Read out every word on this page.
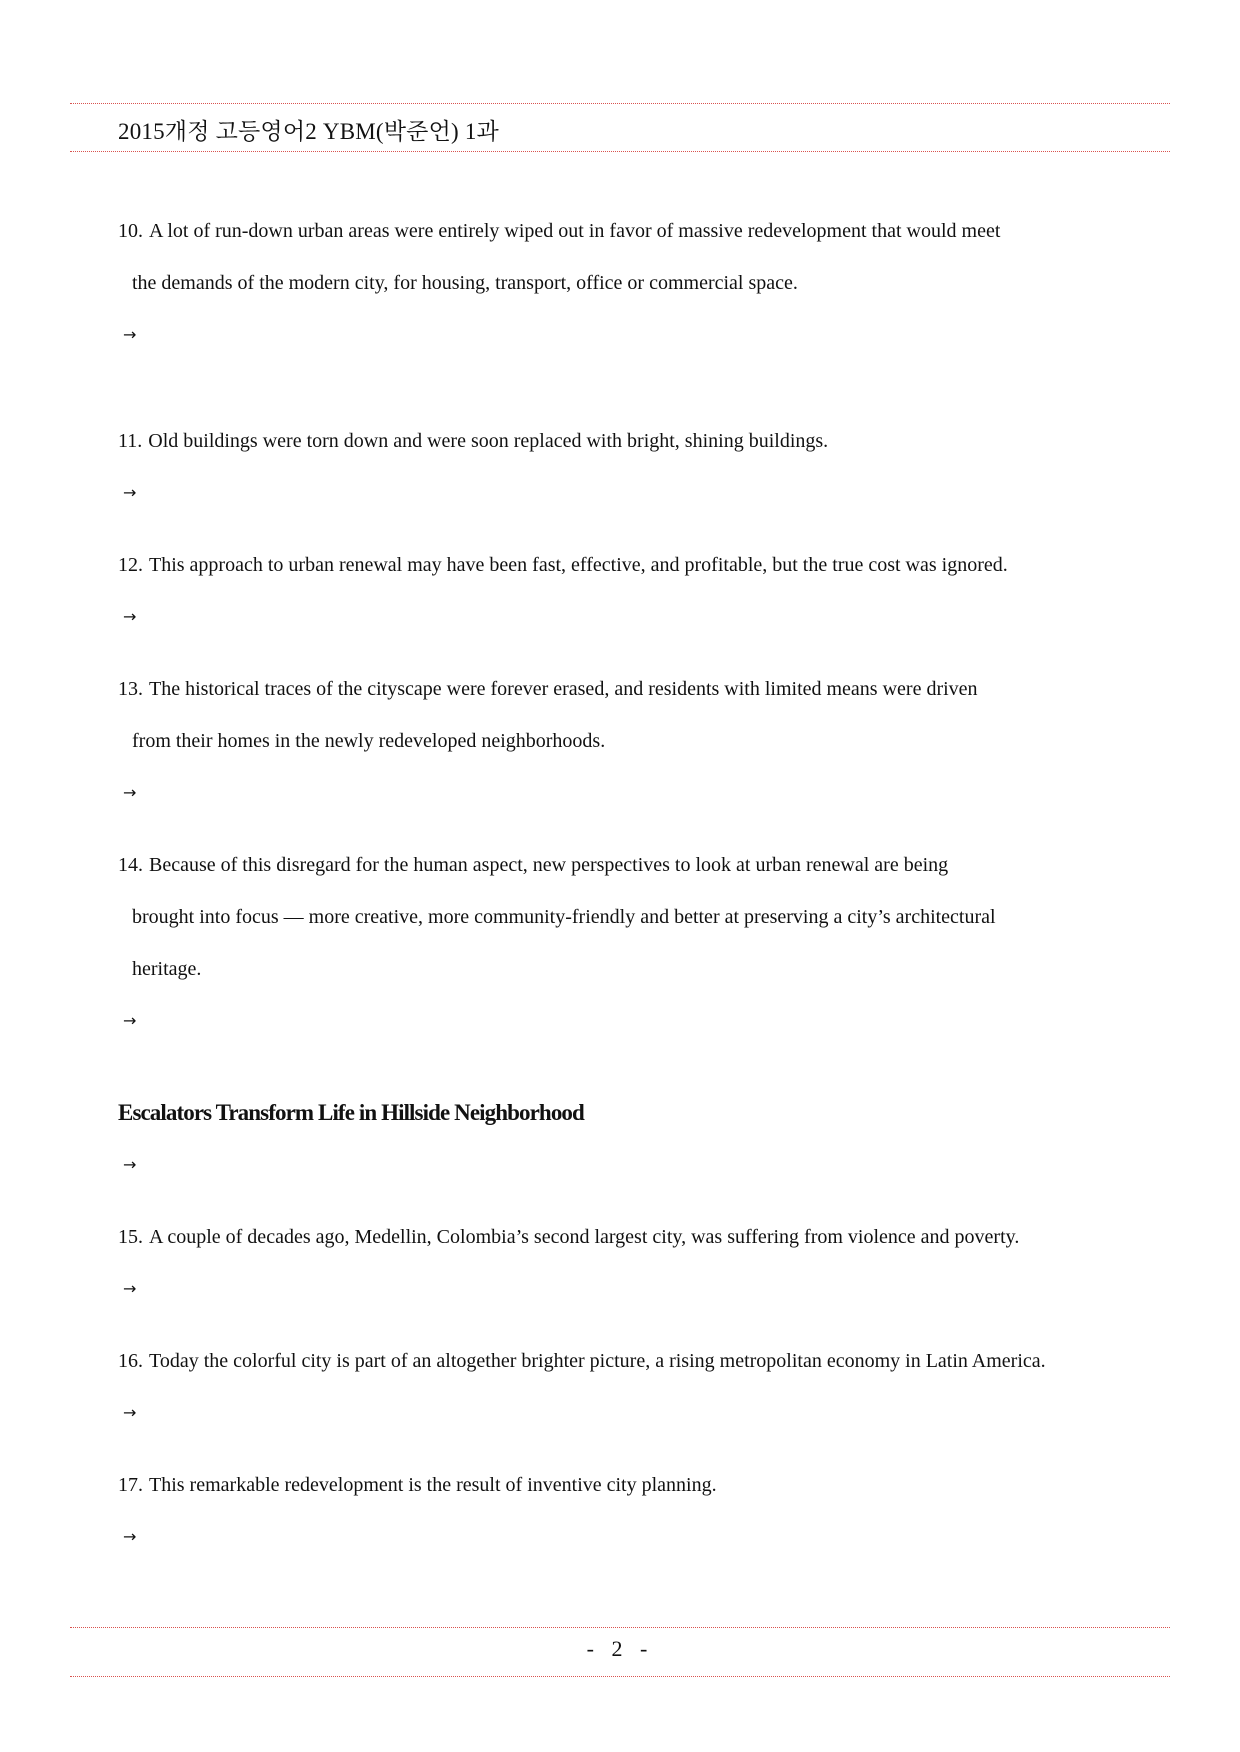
2015개정 고등영어2 YBM(박준언) 1과
10. A lot of run-down urban areas were entirely wiped out in favor of massive redevelopment that would meet
the demands of the modern city, for housing, transport, office or commercial space.
→
11. Old buildings were torn down and were soon replaced with bright, shining buildings.
→
12. This approach to urban renewal may have been fast, effective, and profitable, but the true cost was ignored.
→
13. The historical traces of the cityscape were forever erased, and residents with limited means were driven
from their homes in the newly redeveloped neighborhoods.
→
14. Because of this disregard for the human aspect, new perspectives to look at urban renewal are being
brought into focus — more creative, more community-friendly and better at preserving a city’s architectural
heritage.
→
Escalators Transform Life in Hillside Neighborhood
→
15. A couple of decades ago, Medellin, Colombia’s second largest city, was suffering from violence and poverty.
→
16. Today the colorful city is part of an altogether brighter picture, a rising metropolitan economy in Latin America.
→
17. This remarkable redevelopment is the result of inventive city planning.
→
- 2 -
